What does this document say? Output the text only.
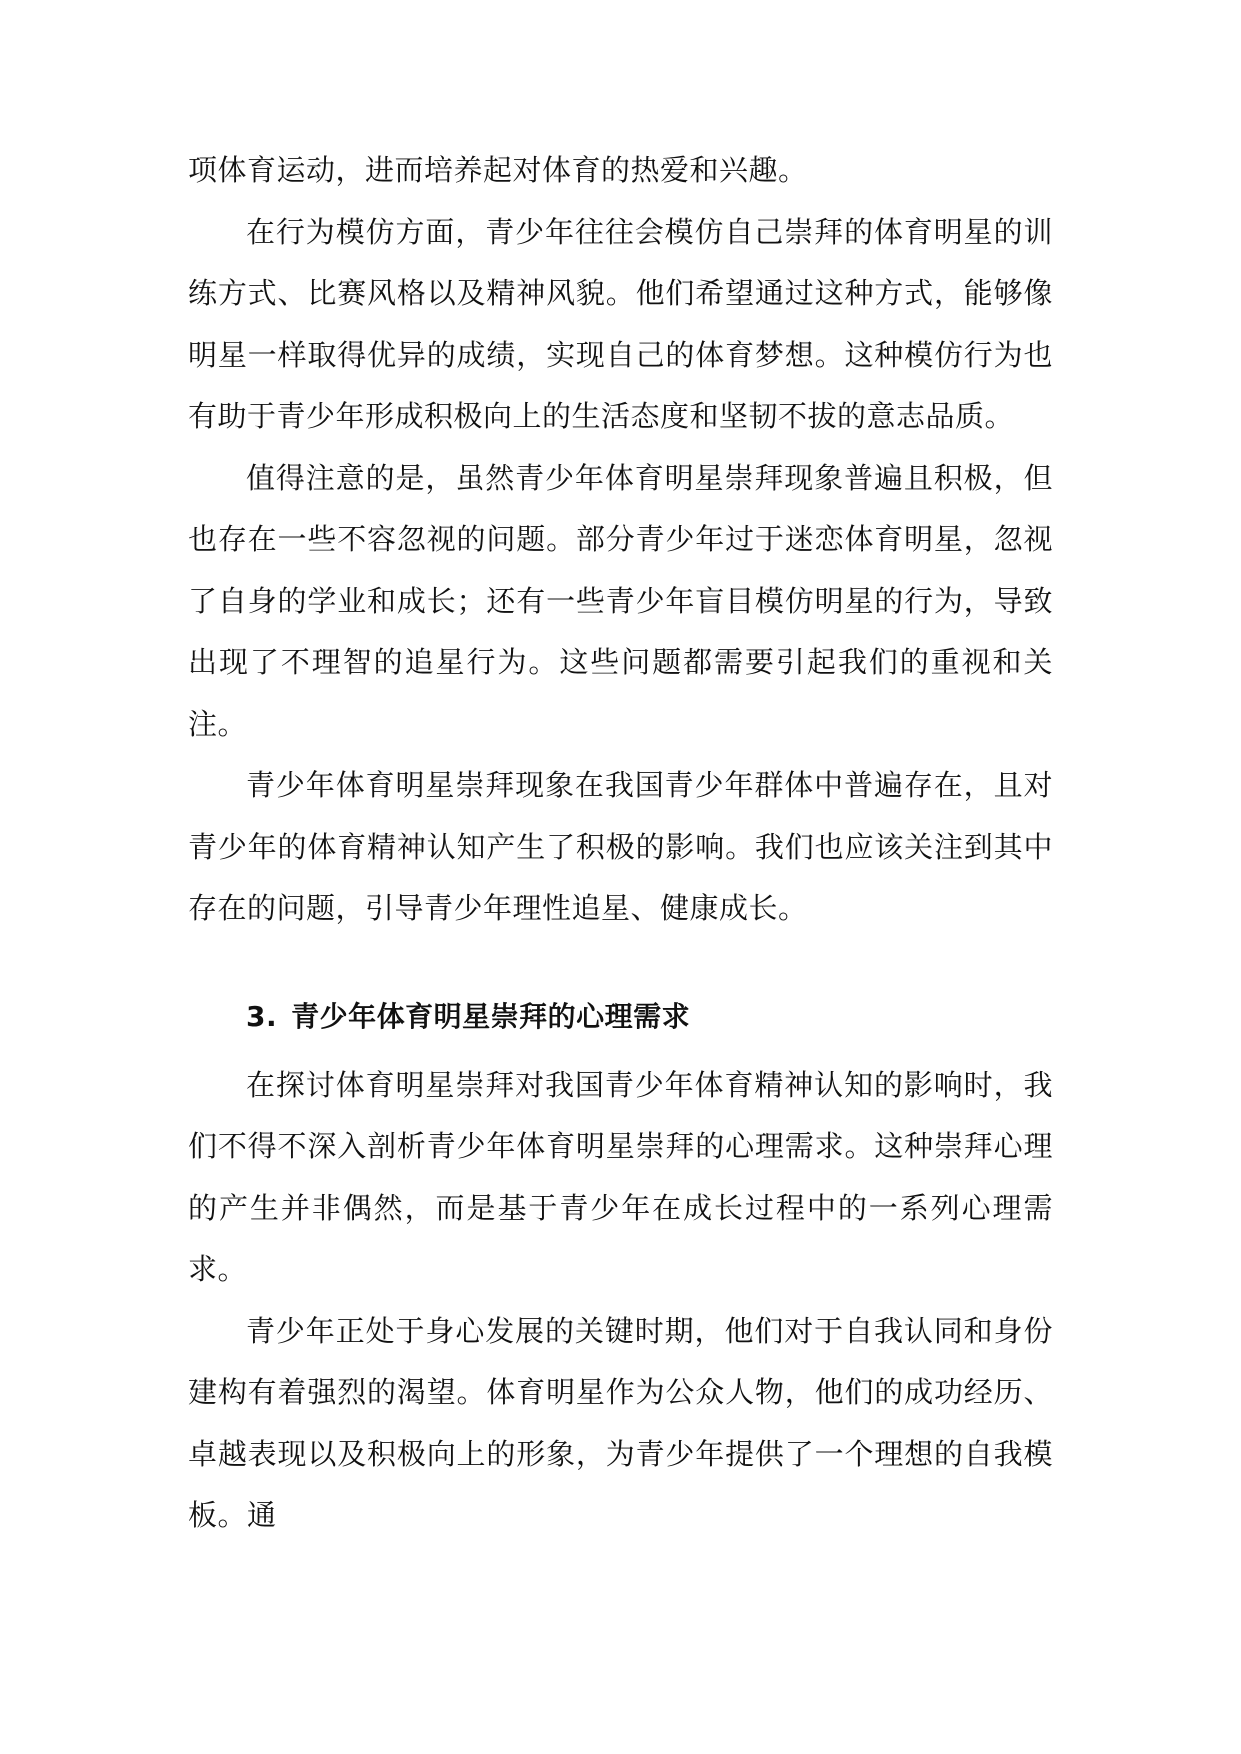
项体育运动，进而培养起对体育的热爱和兴趣。

在行为模仿方面，青少年往往会模仿自己崇拜的体育明星的训练方式、比赛风格以及精神风貌。他们希望通过这种方式，能够像明星一样取得优异的成绩，实现自己的体育梦想。这种模仿行为也有助于青少年形成积极向上的生活态度和坚韧不拔的意志品质。

值得注意的是，虽然青少年体育明星崇拜现象普遍且积极，但也存在一些不容忽视的问题。部分青少年过于迷恋体育明星，忽视了自身的学业和成长；还有一些青少年盲目模仿明星的行为，导致出现了不理智的追星行为。这些问题都需要引起我们的重视和关注。

青少年体育明星崇拜现象在我国青少年群体中普遍存在，且对青少年的体育精神认知产生了积极的影响。我们也应该关注到其中存在的问题，引导青少年理性追星、健康成长。

3. 青少年体育明星崇拜的心理需求

在探讨体育明星崇拜对我国青少年体育精神认知的影响时，我们不得不深入剖析青少年体育明星崇拜的心理需求。这种崇拜心理的产生并非偶然，而是基于青少年在成长过程中的一系列心理需求。

青少年正处于身心发展的关键时期，他们对于自我认同和身份建构有着强烈的渴望。体育明星作为公众人物，他们的成功经历、卓越表现以及积极向上的形象，为青少年提供了一个理想的自我模板。通
